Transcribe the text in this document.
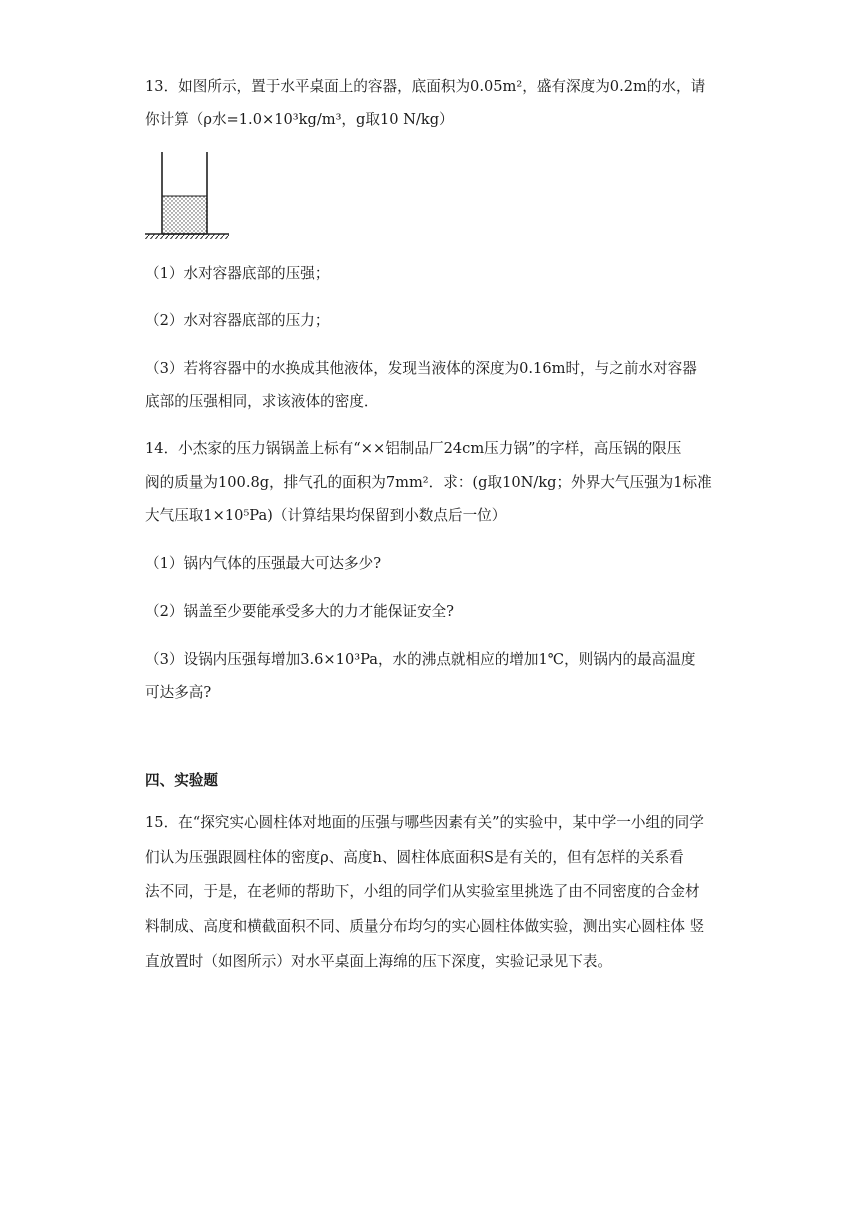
13．如图所示，置于水平桌面上的容器，底面积为0.05m²，盛有深度为0.2m的水，请
你计算（ρ水=1.0×10³kg/m³，g取10 N/kg）
（1）水对容器底部的压强；
（2）水对容器底部的压力；
（3）若将容器中的水换成其他液体，发现当液体的深度为0.16m时，与之前水对容器
底部的压强相同，求该液体的密度．
14．小杰家的压力锅锅盖上标有“××铝制品厂24cm压力锅”的字样，高压锅的限压
阀的质量为100.8g，排气孔的面积为7mm²．求：(g取10N/kg；外界大气压强为1标准
大气压取1×10⁵Pa)（计算结果均保留到小数点后一位）
（1）锅内气体的压强最大可达多少?
（2）锅盖至少要能承受多大的力才能保证安全?
（3）设锅内压强每增加3.6×10³Pa，水的沸点就相应的增加1℃，则锅内的最高温度
可达多高?
四、实验题
15．在“探究实心圆柱体对地面的压强与哪些因素有关”的实验中，某中学一小组的同学
们认为压强跟圆柱体的密度ρ、高度h、圆柱体底面积S是有关的，但有怎样的关系看
法不同，于是，在老师的帮助下，小组的同学们从实验室里挑选了由不同密度的合金材
料制成、高度和横截面积不同、质量分布均匀的实心圆柱体做实验，测出实心圆柱体 竖
直放置时（如图所示）对水平桌面上海绵的压下深度，实验记录见下表。
